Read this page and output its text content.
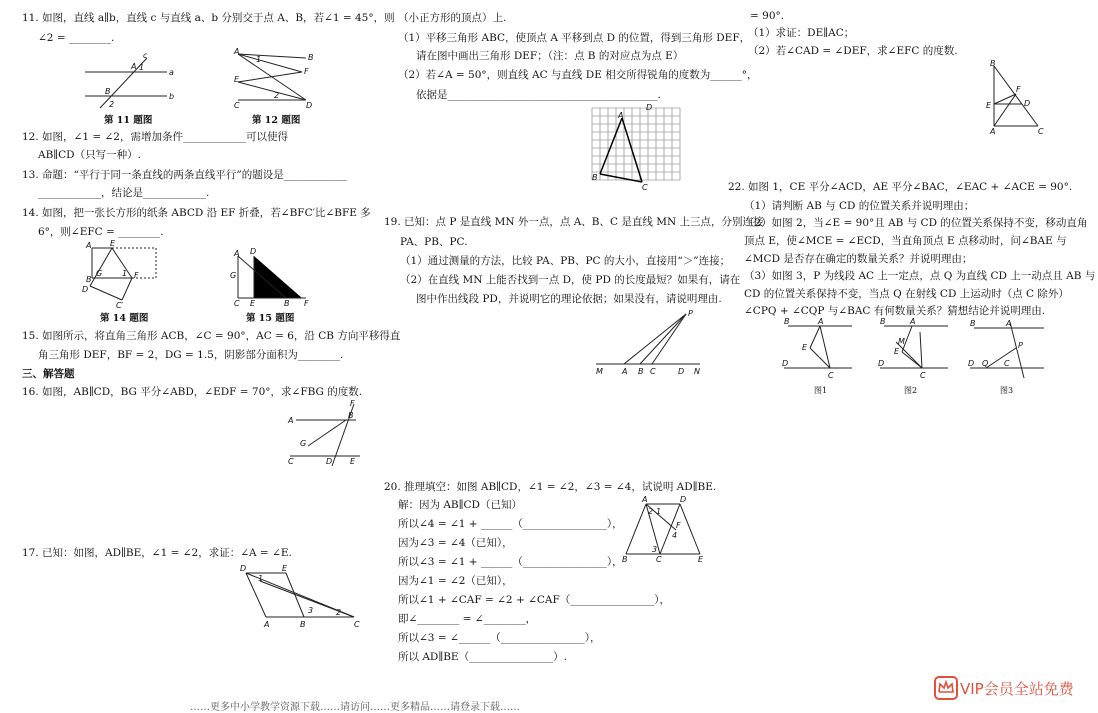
11. 如图，直线 a∥b，直线 c 与直线 a、b 分别交于点 A、B，若∠1 = 45°，则
∠2 = ________.
a
b
c
A
B
1
2
第 11 题图
A
B
F
E
C	D
1
2
第 12 题图
12. 如图，∠1 = ∠2，需增加条件____________可以使得
AB∥CD（只写一种）.
13. 命题：“平行于同一条直线的两条直线平行”的题设是____________
____________，结论是____________.
14. 如图，把一张长方形的纸条 ABCD 沿 EF 折叠，若∠BFC′比∠BFE 多
6°，则∠EFC = ________.
A E
D
G
C′
F
B
1
第 14 题图
A D
G
C E	B F
第 15 题图
15. 如图所示，将直角三角形 ACB，∠C = 90°，AC = 6，沿 CB 方向平移得直
角三角形 DEF，BF = 2，DG = 1.5，阴影部分面积为________.
三、解答题
16. 如图，AB∥CD，BG 平分∠ABD，∠EDF = 70°，求∠FBG 的度数.
A
B
F
G
C	D E
17. 已知：如图，AD∥BE，∠1 = ∠2，求证：∠A = ∠E.
D	E
A	B	C
1
3	2
（小正方形的顶点）上.
（1）平移三角形 ABC，使顶点 A 平移到点 D 的位置，得到三角形 DEF，
请在图中画出三角形 DEF；（注：点 B 的对应点为点 E）
（2）若∠A = 50°，则直线 AC 与直线 DE 相交所得锐角的度数为______°，
依据是________________________________________.
A
B
C
D
19. 已知：点 P 是直线 MN 外一点，点 A、B、C 是直线 MN 上三点，分别连接
PA、PB、PC.
（1）通过测量的方法，比较 PA、PB、PC 的大小，直接用“＞”连接；
（2）在直线 MN 上能否找到一点 D，使 PD 的长度最短？如果有，请在
图中作出线段 PD，并说明它的理论依据；如果没有，请说明理由.
P
M A B C	D N
20. 推理填空：如图 AB∥CD，∠1 = ∠2，∠3 = ∠4，试说明 AD∥BE.
解：因为 AB∥CD（已知）
所以∠4 = ∠1 + ______（________________），
因为∠3 = ∠4（已知），
所以∠3 = ∠1 + ______（________________），
因为∠1 = ∠2（已知），
所以∠1 + ∠CAF = ∠2 + ∠CAF（________________），
即∠________ = ∠________，
所以∠3 = ∠______（________________），
所以 AD∥BE（________________）.
A	D
F
B	C	E
2 1
3
4
= 90°.
（1）求证：DE∥AC；
（2）若∠CAD = ∠DEF，求∠EFC 的度数.
B
F
E	D
A	C
22. 如图 1，CE 平分∠ACD，AE 平分∠BAC，∠EAC + ∠ACE = 90°.
（1）请判断 AB 与 CD 的位置关系并说明理由；
（2）如图 2，当∠E = 90°且 AB 与 CD 的位置关系保持不变，移动直角
顶点 E，使∠MCE = ∠ECD，当直角顶点 E 点移动时，问∠BAE 与
∠MCD 是否存在确定的数量关系？并说明理由；
（3）如图 3，P 为线段 AC 上一定点，点 Q 为直线 CD 上一动点且 AB 与
CD 的位置关系保持不变，当点 Q 在射线 CD 上运动时（点 C 除外）
∠CPQ + ∠CQP 与∠BAC 有何数量关系？猜想结论并说明理由.
B	A
E
D
C
图1
B	A
M
E
D
C
图2
B	A
P
D Q C
图3
……更多中小学教学资源下载……请访问……更多精品……请登录下载……
VIP会员全站免费
